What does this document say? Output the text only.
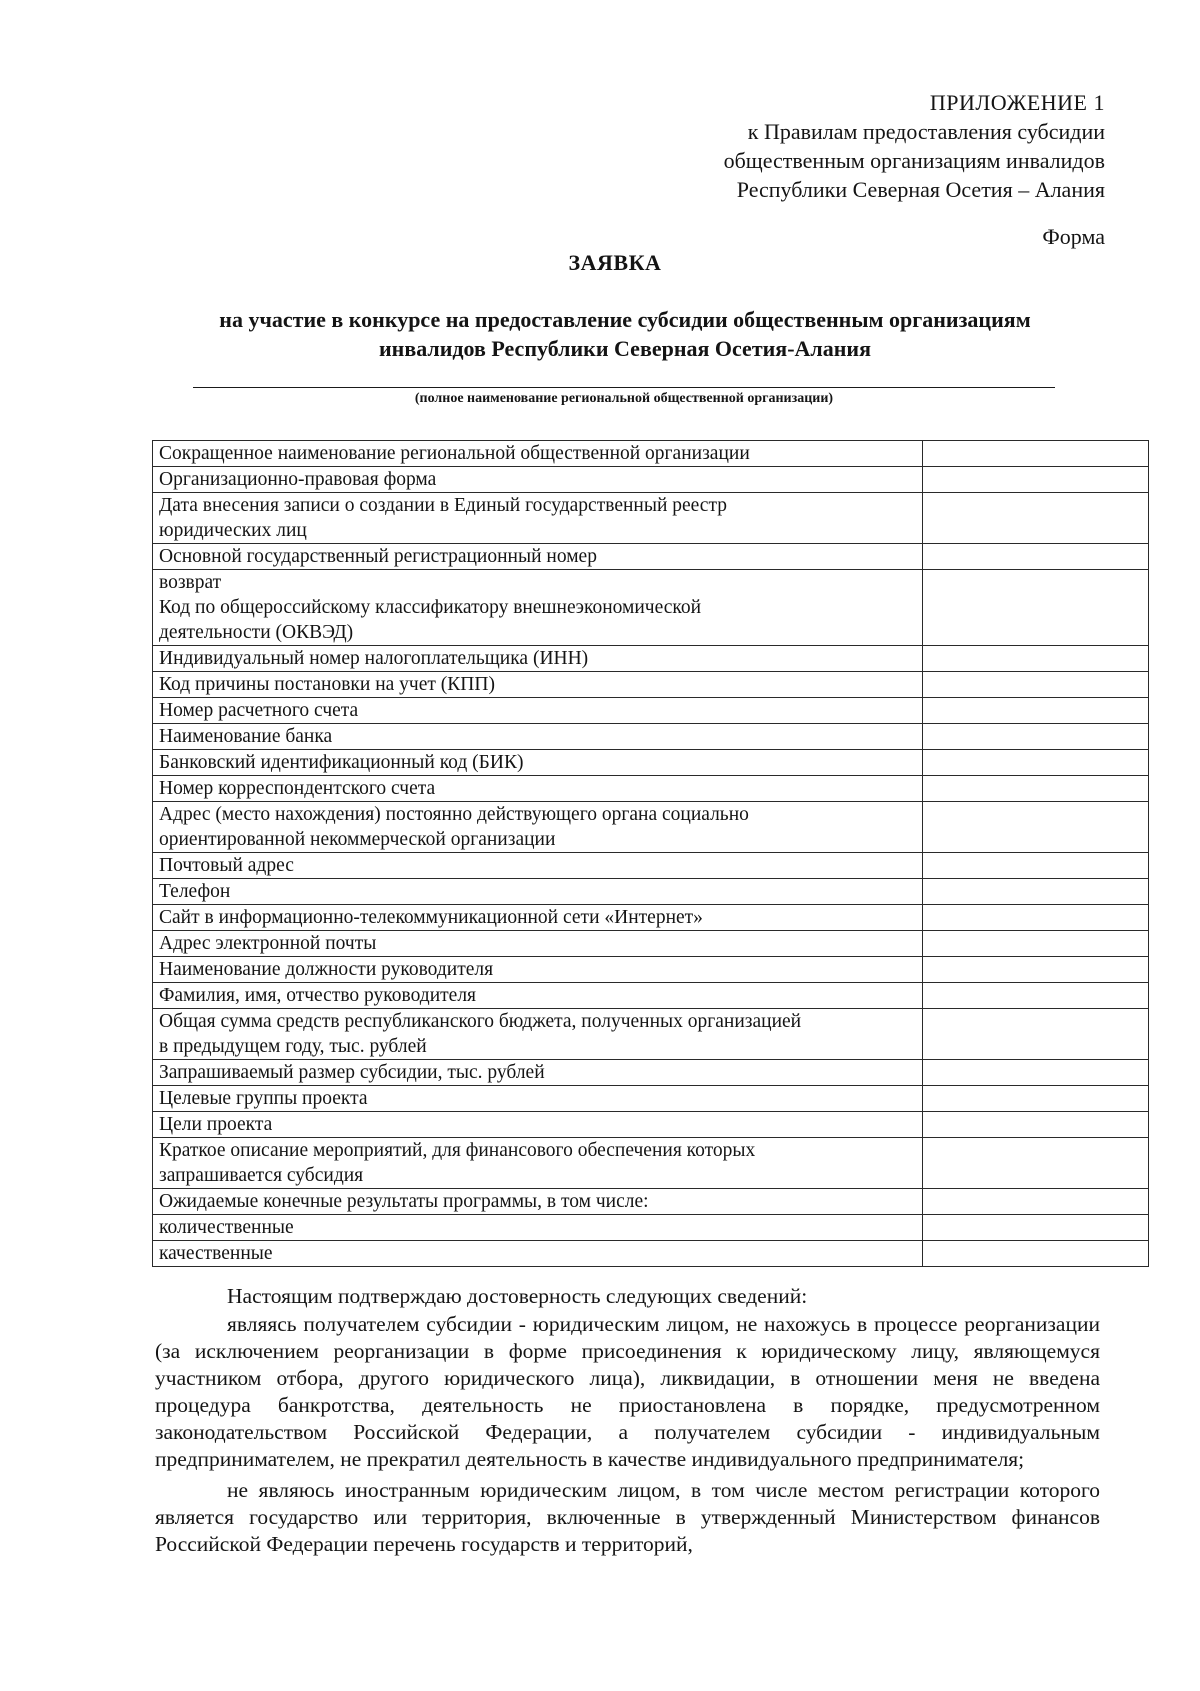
ПРИЛОЖЕНИЕ 1
к Правилам предоставления субсидии
общественным организациям инвалидов
Республики Северная Осетия – Алания
Форма
ЗАЯВКА
на участие в конкурсе на предоставление субсидии общественным организациям
инвалидов Республики Северная Осетия-Алания
(полное наименование региональной общественной организации)
Сокращенное наименование региональной общественной организации	
Организационно-правовая форма	
Дата внесения записи о создании в Единый государственный реестр
юридических лиц	
Основной государственный регистрационный номер	
возврат
Код по общероссийскому классификатору внешнеэкономической
деятельности (ОКВЭД)	
Индивидуальный номер налогоплательщика (ИНН)	
Код причины постановки на учет (КПП)	
Номер расчетного счета	
Наименование банка	
Банковский идентификационный код (БИК)	
Номер корреспондентского счета	
Адрес (место нахождения) постоянно действующего органа социально
ориентированной некоммерческой организации	
Почтовый адрес	
Телефон	
Сайт в информационно-телекоммуникационной сети «Интернет»	
Адрес электронной почты	
Наименование должности руководителя	
Фамилия, имя, отчество руководителя	
Общая сумма средств республиканского бюджета, полученных организацией
в предыдущем году, тыс. рублей	
Запрашиваемый размер субсидии, тыс. рублей	
Целевые группы проекта	
Цели проекта	
Краткое описание мероприятий, для финансового обеспечения которых
запрашивается субсидия	
Ожидаемые конечные результаты программы, в том числе:	
количественные	
качественные	

Настоящим подтверждаю достоверность следующих сведений:

являясь получателем субсидии - юридическим лицом, не нахожусь в процессе реорганизации (за исключением реорганизации в форме присоединения к юридическому лицу, являющемуся участником отбора, другого юридического лица), ликвидации, в отношении меня не введена процедура банкротства, деятельность не приостановлена в порядке, предусмотренном законодательством Российской Федерации, а получателем субсидии - индивидуальным предпринимателем, не прекратил деятельность в качестве индивидуального предпринимателя;

не являюсь иностранным юридическим лицом, в том числе местом регистрации которого является государство или территория, включенные в утвержденный Министерством финансов Российской Федерации перечень государств и территорий,
